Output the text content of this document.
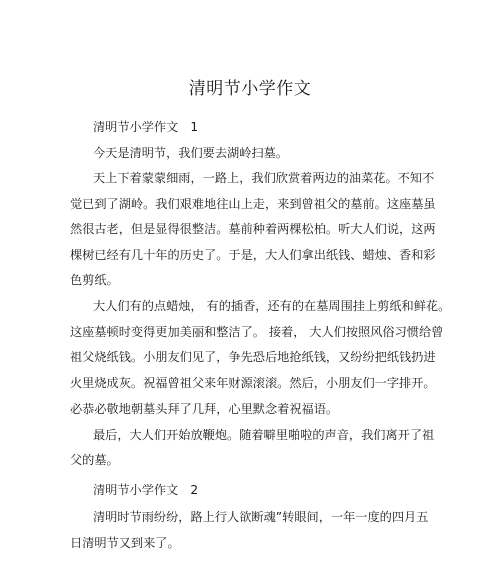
清明节小学作文
清明节小学作文 1
今天是清明节，我们要去湖岭扫墓。
天上下着蒙蒙细雨，一路上，我们欣赏着两边的油菜花。不知不
觉已到了湖岭。我们艰难地往山上走，来到曾祖父的墓前。这座墓虽
然很古老，但是显得很整洁。墓前种着两棵松柏。听大人们说，这两
棵树已经有几十年的历史了。于是，大人们拿出纸钱、蜡烛、香和彩
色剪纸。
大人们有的点蜡烛， 有的插香，还有的在墓周围挂上剪纸和鲜花。
这座墓顿时变得更加美丽和整洁了。 接着， 大人们按照风俗习惯给曾
祖父烧纸钱。小朋友们见了，争先恐后地抢纸钱，又纷纷把纸钱扔进
火里烧成灰。祝福曾祖父来年财源滚滚。然后，小朋友们一字排开。
必恭必敬地朝墓头拜了几拜，心里默念着祝福语。
最后，大人们开始放鞭炮。随着噼里啪啦的声音，我们离开了祖
父的墓。
清明节小学作文 2
清明时节雨纷纷，路上行人欲断魂”转眼间，一年一度的四月五
日清明节又到来了。
